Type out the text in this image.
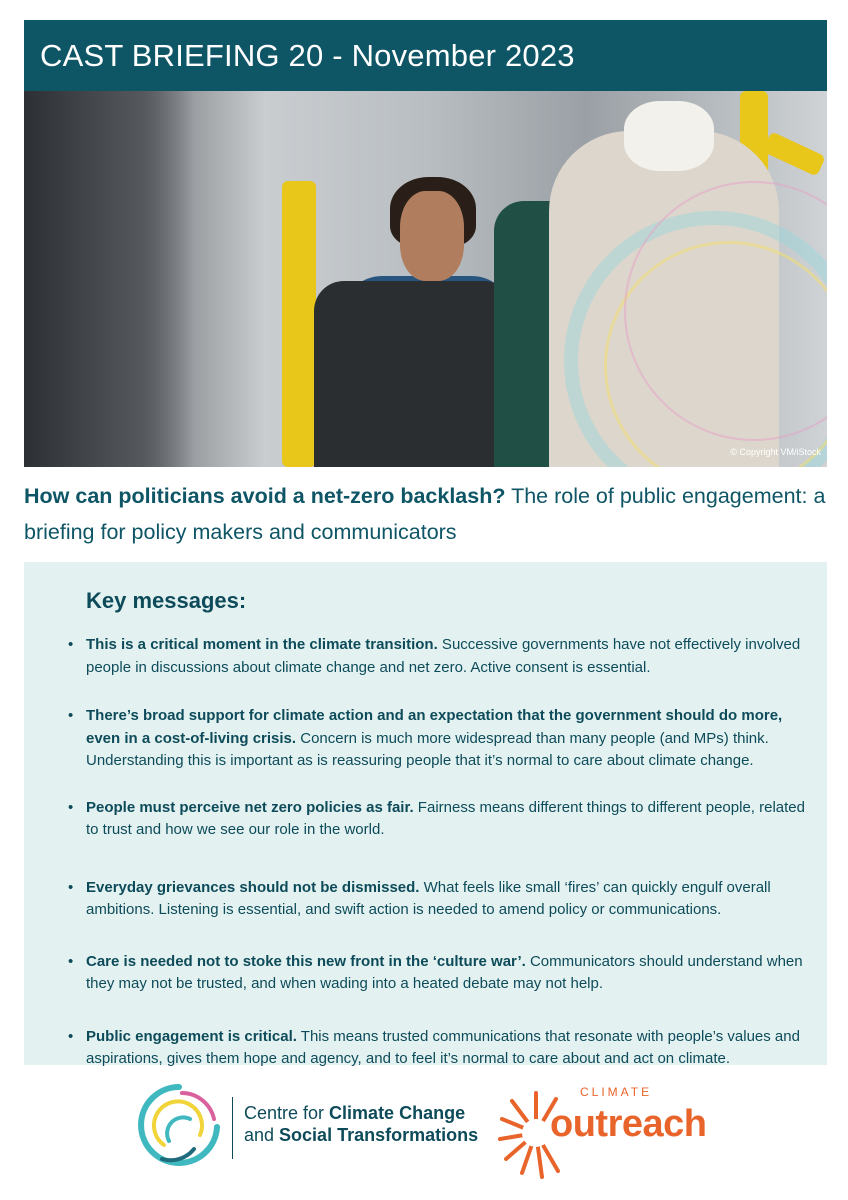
CAST BRIEFING 20 - November 2023
© Copyright VM/iStock
How can politicians avoid a net-zero backlash? The role of public engagement: a briefing for policy makers and communicators
Key messages:
• This is a critical moment in the climate transition. Successive governments have not effectively involved people in discussions about climate change and net zero. Active consent is essential.
• There’s broad support for climate action and an expectation that the government should do more, even in a cost-of-living crisis. Concern is much more widespread than many people (and MPs) think. Understanding this is important as is reassuring people that it’s normal to care about climate change.
• People must perceive net zero policies as fair. Fairness means different things to different people, related to trust and how we see our role in the world.
• Everyday grievances should not be dismissed. What feels like small ‘fires’ can quickly engulf overall ambitions. Listening is essential, and swift action is needed to amend policy or communications.
• Care is needed not to stoke this new front in the ‘culture war’. Communicators should understand when they may not be trusted, and when wading into a heated debate may not help.
• Public engagement is critical. This means trusted communications that resonate with people’s values and aspirations, gives them hope and agency, and to feel it’s normal to care about and act on climate.
Centre for Climate Change
and Social Transformations
CLIMATE
outreach
